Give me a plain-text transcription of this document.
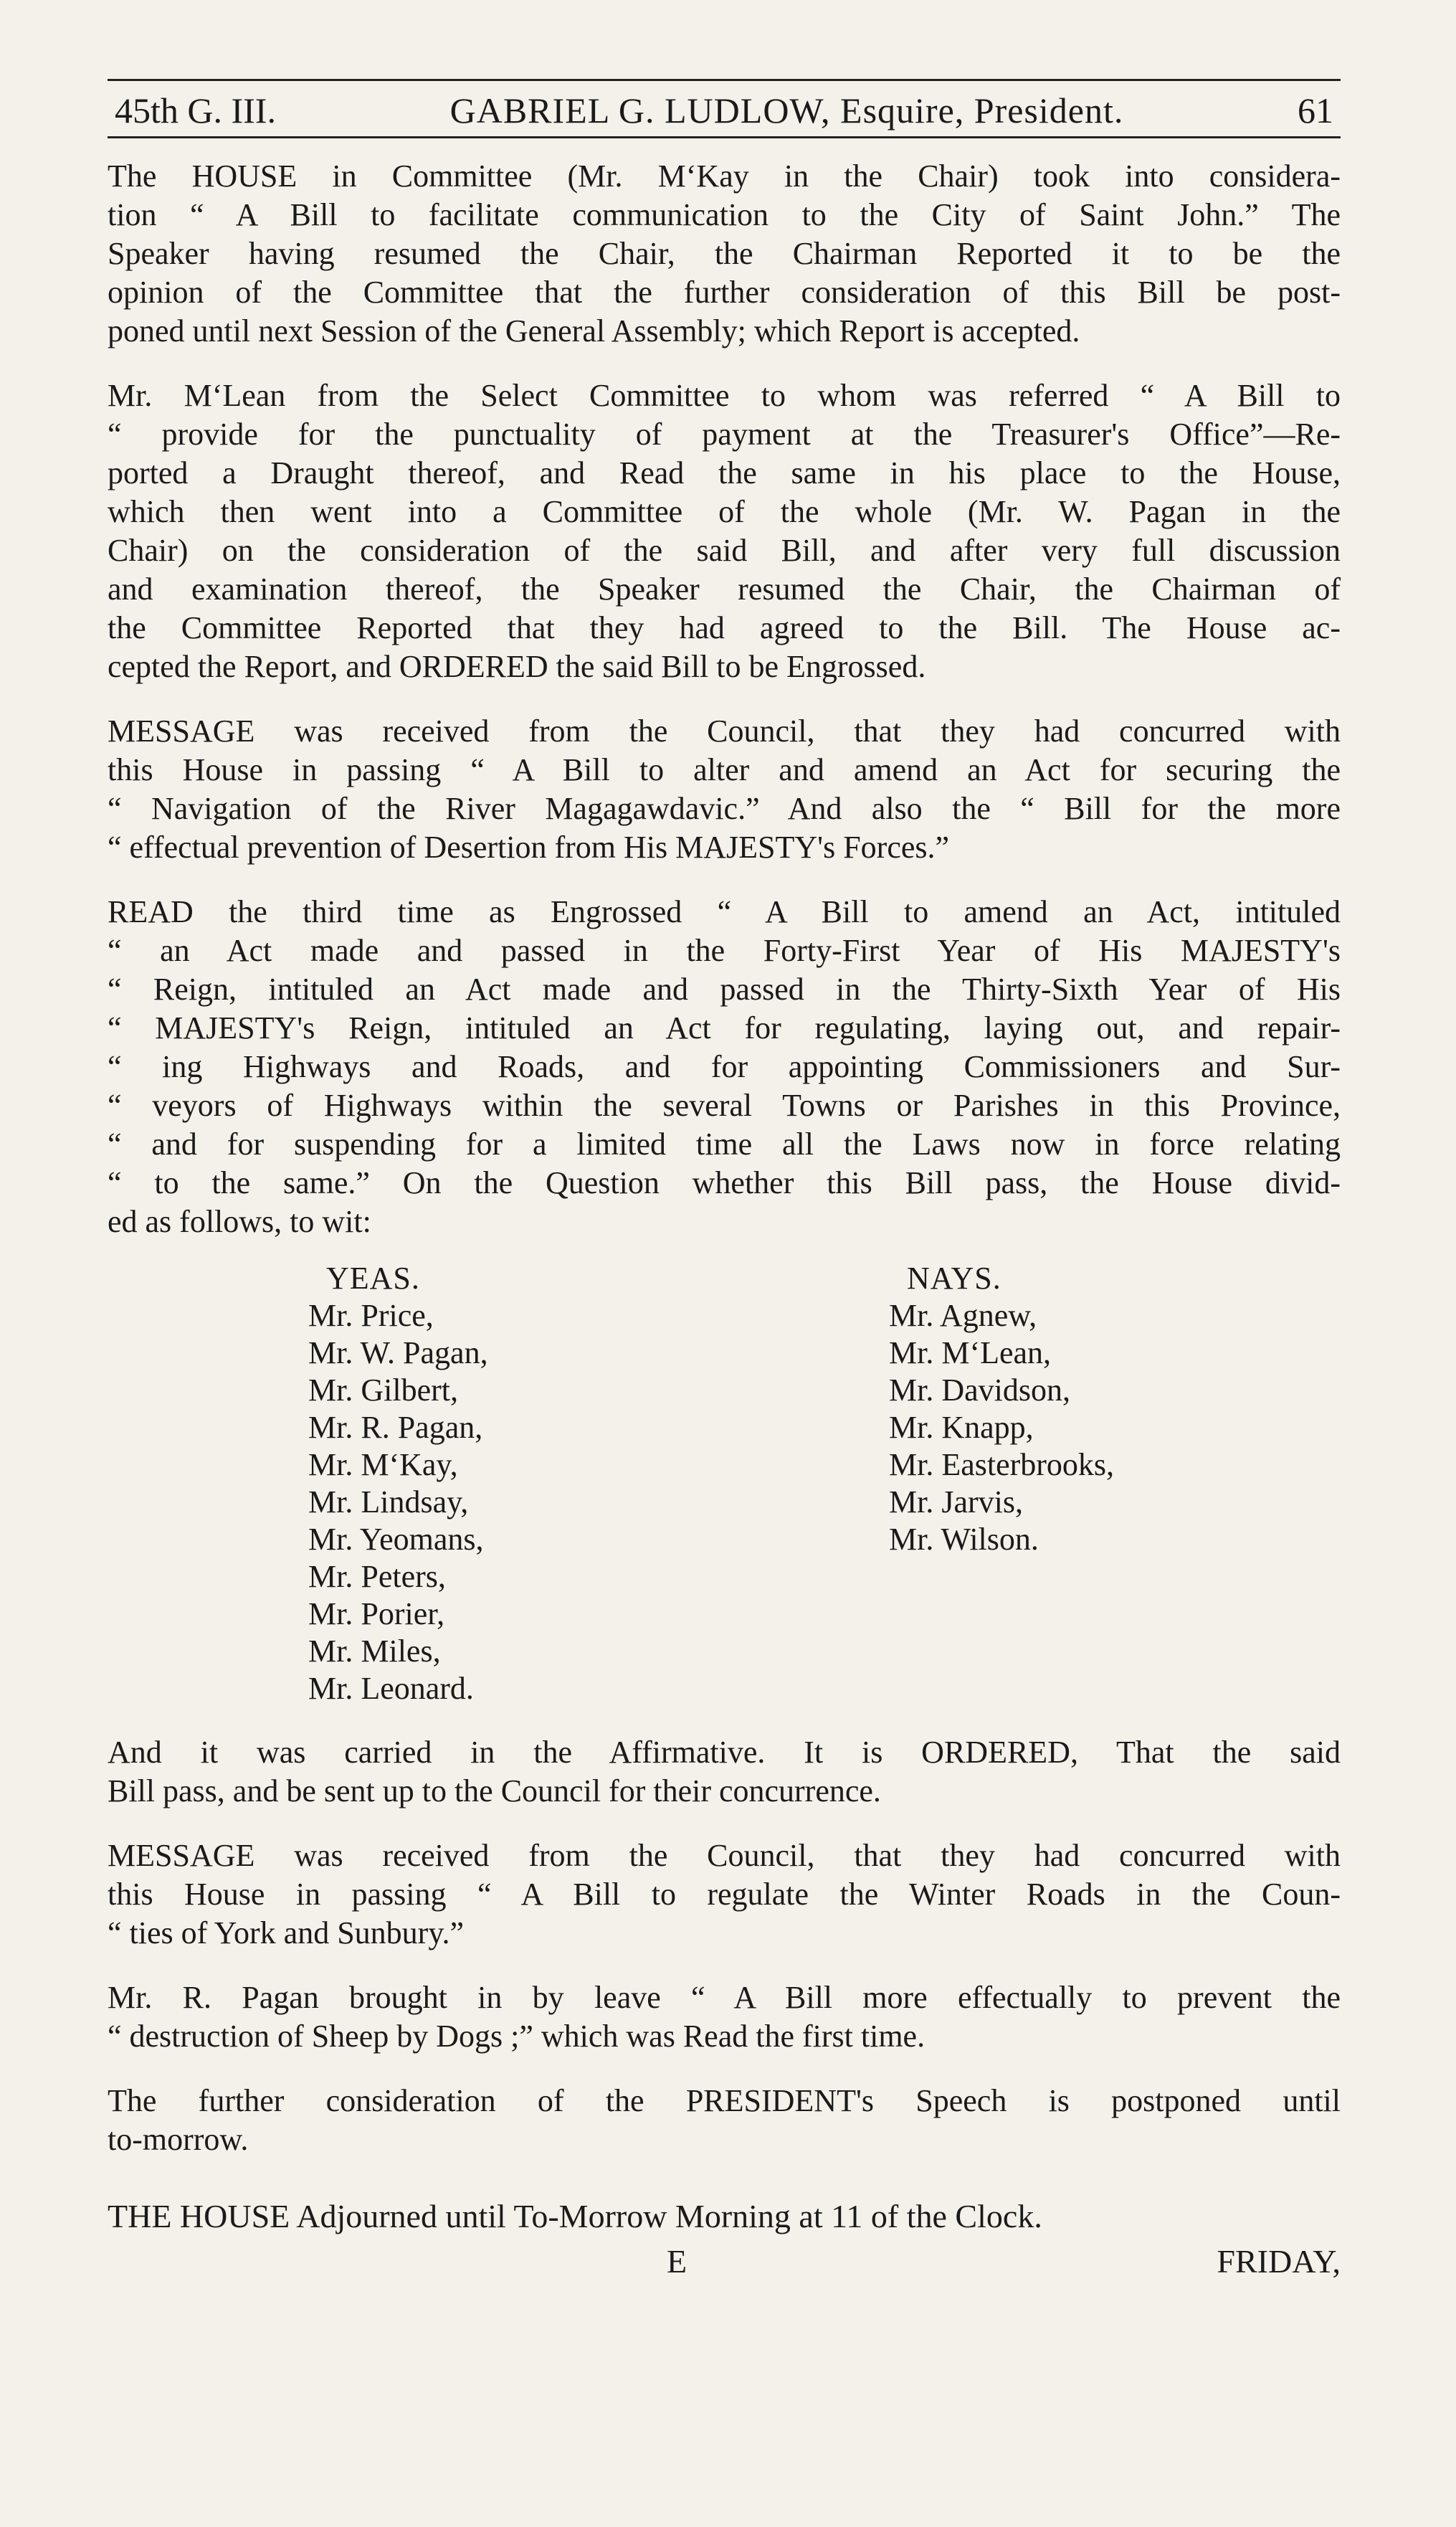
45th G. III.	GABRIEL G. LUDLOW, Esquire, President.	61
The HOUSE in Committee (Mr. M‘Kay in the Chair) took into considera-
tion “ A Bill to facilitate communication to the City of Saint John.” The
Speaker having resumed the Chair, the Chairman Reported it to be the
opinion of the Committee that the further consideration of this Bill be post-
poned until next Session of the General Assembly; which Report is accepted.
Mr. M‘Lean from the Select Committee to whom was referred “ A Bill to
“ provide for the punctuality of payment at the Treasurer's Office”—Re-
ported a Draught thereof, and Read the same in his place to the House,
which then went into a Committee of the whole (Mr. W. Pagan in the
Chair) on the consideration of the said Bill, and after very full discussion
and examination thereof, the Speaker resumed the Chair, the Chairman of
the Committee Reported that they had agreed to the Bill. The House ac-
cepted the Report, and ORDERED the said Bill to be Engrossed.
MESSAGE was received from the Council, that they had concurred with
this House in passing “ A Bill to alter and amend an Act for securing the
“ Navigation of the River Magagawdavic.” And also the “ Bill for the more
“ effectual prevention of Desertion from His MAJESTY's Forces.”
READ the third time as Engrossed “ A Bill to amend an Act, intituled
“ an Act made and passed in the Forty-First Year of His MAJESTY's
“ Reign, intituled an Act made and passed in the Thirty-Sixth Year of His
“ MAJESTY's Reign, intituled an Act for regulating, laying out, and repair-
“ ing Highways and Roads, and for appointing Commissioners and Sur-
“ veyors of Highways within the several Towns or Parishes in this Province,
“ and for suspending for a limited time all the Laws now in force relating
“ to the same.” On the Question whether this Bill pass, the House divid-
ed as follows, to wit:
YEAS.
Mr. Price,
Mr. W. Pagan,
Mr. Gilbert,
Mr. R. Pagan,
Mr. M‘Kay,
Mr. Lindsay,
Mr. Yeomans,
Mr. Peters,
Mr. Porier,
Mr. Miles,
Mr. Leonard.
NAYS.
Mr. Agnew,
Mr. M‘Lean,
Mr. Davidson,
Mr. Knapp,
Mr. Easterbrooks,
Mr. Jarvis,
Mr. Wilson.
And it was carried in the Affirmative. It is ORDERED, That the said
Bill pass, and be sent up to the Council for their concurrence.
MESSAGE was received from the Council, that they had concurred with
this House in passing “ A Bill to regulate the Winter Roads in the Coun-
“ ties of York and Sunbury.”
Mr. R. Pagan brought in by leave “ A Bill more effectually to prevent the
“ destruction of Sheep by Dogs ;” which was Read the first time.
The further consideration of the PRESIDENT's Speech is postponed until
to-morrow.
THE HOUSE Adjourned until To-Morrow Morning at 11 of the Clock.
E	FRIDAY,
